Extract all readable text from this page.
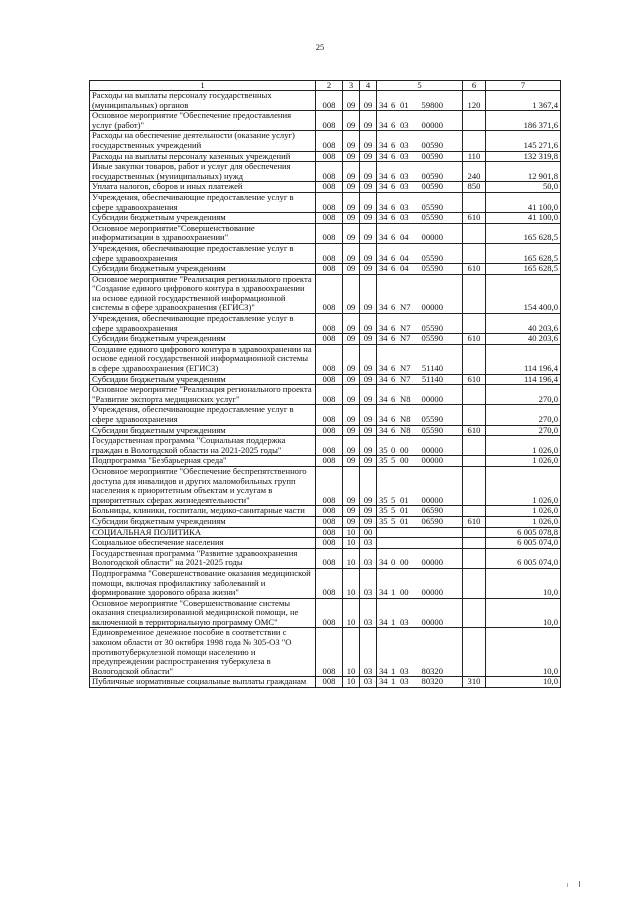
25
1	2	3	4	5	6	7
Расходы на выплаты персоналу государственных (муниципальных) органов	008	09	09	34 6 01 59800	120	1 367,4
Основное мероприятие "Обеспечение предоставления услуг (работ)"	008	09	09	34 6 03 00000		186 371,6
Расходы на обеспечение деятельности (оказание услуг) государственных учреждений	008	09	09	34 6 03 00590		145 271,6
Расходы на выплаты персоналу казенных учреждений	008	09	09	34 6 03 00590	110	132 319,8
Иные закупки товаров, работ и услуг для обеспечения государственных (муниципальных) нужд	008	09	09	34 6 03 00590	240	12 901,8
Уплата налогов, сборов и иных платежей	008	09	09	34 6 03 00590	850	50,0
Учреждения, обеспечивающие предоставление услуг в сфере здравоохранения	008	09	09	34 6 03 05590		41 100,0
Субсидии бюджетным учреждениям	008	09	09	34 6 03 05590	610	41 100,0
Основное мероприятие"Совершенствование информатизации в здравоохранении"	008	09	09	34 6 04 00000		165 628,5
Учреждения, обеспечивающие предоставление услуг в сфере здравоохранения	008	09	09	34 6 04 05590		165 628,5
Субсидии бюджетным учреждениям	008	09	09	34 6 04 05590	610	165 628,5
Основное мероприятие "Реализация регионального проекта "Создание единого цифрового контура в здравоохранении на основе единой государственной информационной системы в сфере здравоохранения (ЕГИСЗ)"	008	09	09	34 6 N7 00000		154 400,0
Учреждения, обеспечивающие предоставление услуг в сфере здравоохранения	008	09	09	34 6 N7 05590		40 203,6
Субсидии бюджетным учреждениям	008	09	09	34 6 N7 05590	610	40 203,6
Создание единого цифрового контура в здравоохранении на основе единой государственной информационной системы в сфере здравоохранения (ЕГИСЗ)	008	09	09	34 6 N7 51140		114 196,4
Субсидии бюджетным учреждениям	008	09	09	34 6 N7 51140	610	114 196,4
Основное мероприятие "Реализация регионального проекта "Развитие экспорта медицинских услуг"	008	09	09	34 6 N8 00000		270,0
Учреждения, обеспечивающие предоставление услуг в сфере здравоохранения	008	09	09	34 6 N8 05590		270,0
Субсидии бюджетным учреждениям	008	09	09	34 6 N8 05590	610	270,0
Государственная программа "Социальная поддержка граждан в Вологодской области на 2021-2025 годы"	008	09	09	35 0 00 00000		1 026,0
Подпрограмма "Безбарьерная среда"	008	09	09	35 5 00 00000		1 026,0
Основное мероприятие "Обеспечение беспрепятственного доступа для инвалидов и других маломобильных групп населения к приоритетным объектам и услугам в приоритетных сферах жизнедеятельности"	008	09	09	35 5 01 00000		1 026,0
Больницы, клиники, госпитали, медико-санитарные части	008	09	09	35 5 01 06590		1 026,0
Субсидии бюджетным учреждениям	008	09	09	35 5 01 06590	610	1 026,0
СОЦИАЛЬНАЯ ПОЛИТИКА	008	10	00			6 005 078,8
Социальное обеспечение населения	008	10	03			6 005 074,0
Государственная программа "Развитие здравоохранения Вологодской области" на 2021-2025 годы	008	10	03	34 0 00 00000		6 005 074,0
Подпрограмма "Совершенствование оказания медицинской помощи, включая профилактику заболеваний и формирование здорового образа жизни"	008	10	03	34 1 00 00000		10,0
Основное мероприятие "Совершенствование системы оказания специализированной медицинской помощи, не включенной в территориальную программу ОМС"	008	10	03	34 1 03 00000		10,0
Единовременное денежное пособие в соответствии с законом области от 30 октября 1998 года № 305-ОЗ "О противотуберкулезной помощи населению и предупреждении распространения туберкулеза в Вологодской области"	008	10	03	34 1 03 80320		10,0
Публичные нормативные социальные выплаты гражданам	008	10	03	34 1 03 80320	310	10,0
